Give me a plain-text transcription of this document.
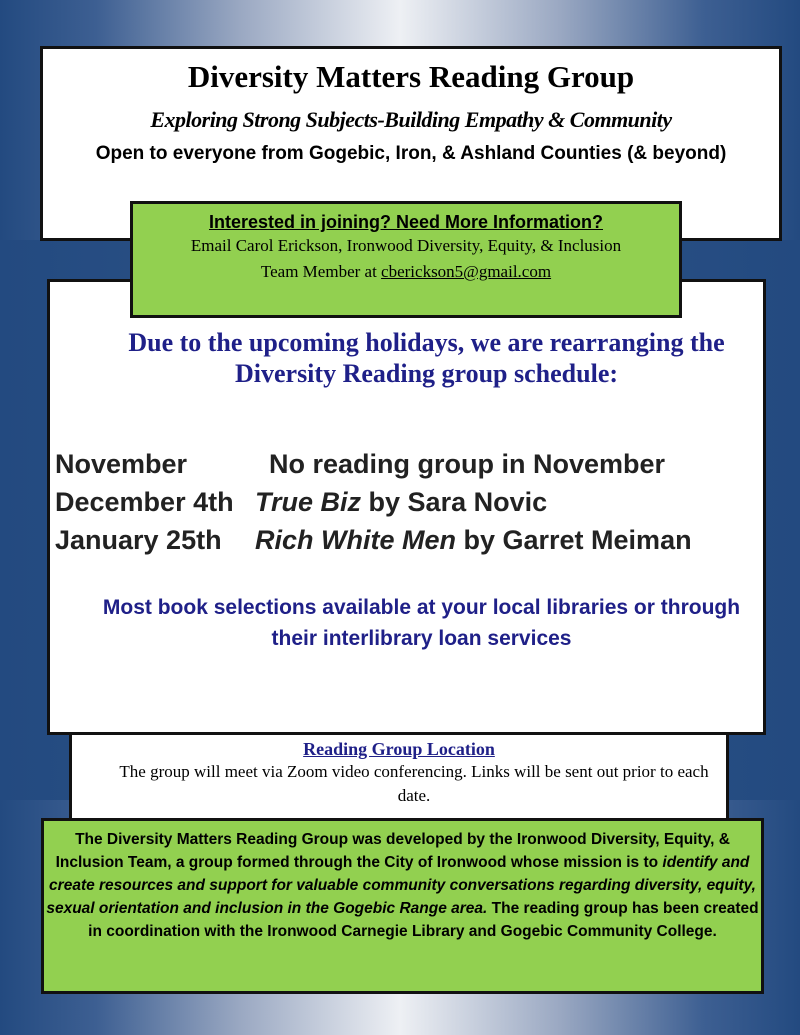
Diversity Matters Reading Group
Exploring Strong Subjects-Building Empathy & Community
Open to everyone from Gogebic, Iron, & Ashland Counties (& beyond)
Interested in joining? Need More Information?
Email Carol Erickson, Ironwood Diversity, Equity, & Inclusion
Team Member at cberickson5@gmail.com
Due to the upcoming holidays, we are rearranging the Diversity Reading group schedule:
November	No reading group in November
December 4th True Biz by Sara Novic
January 25th Rich White Men by Garret Meiman
Most book selections available at your local libraries or through their interlibrary loan services
Reading Group Location
The group will meet via Zoom video conferencing. Links will be sent out prior to each date.
The Diversity Matters Reading Group was developed by the Ironwood Diversity, Equity, & Inclusion Team, a group formed through the City of Ironwood whose mission is to identify and create resources and support for valuable community conversations regarding diversity, equity, sexual orientation and inclusion in the Gogebic Range area. The reading group has been created in coordination with the Ironwood Carnegie Library and Gogebic Community College.
